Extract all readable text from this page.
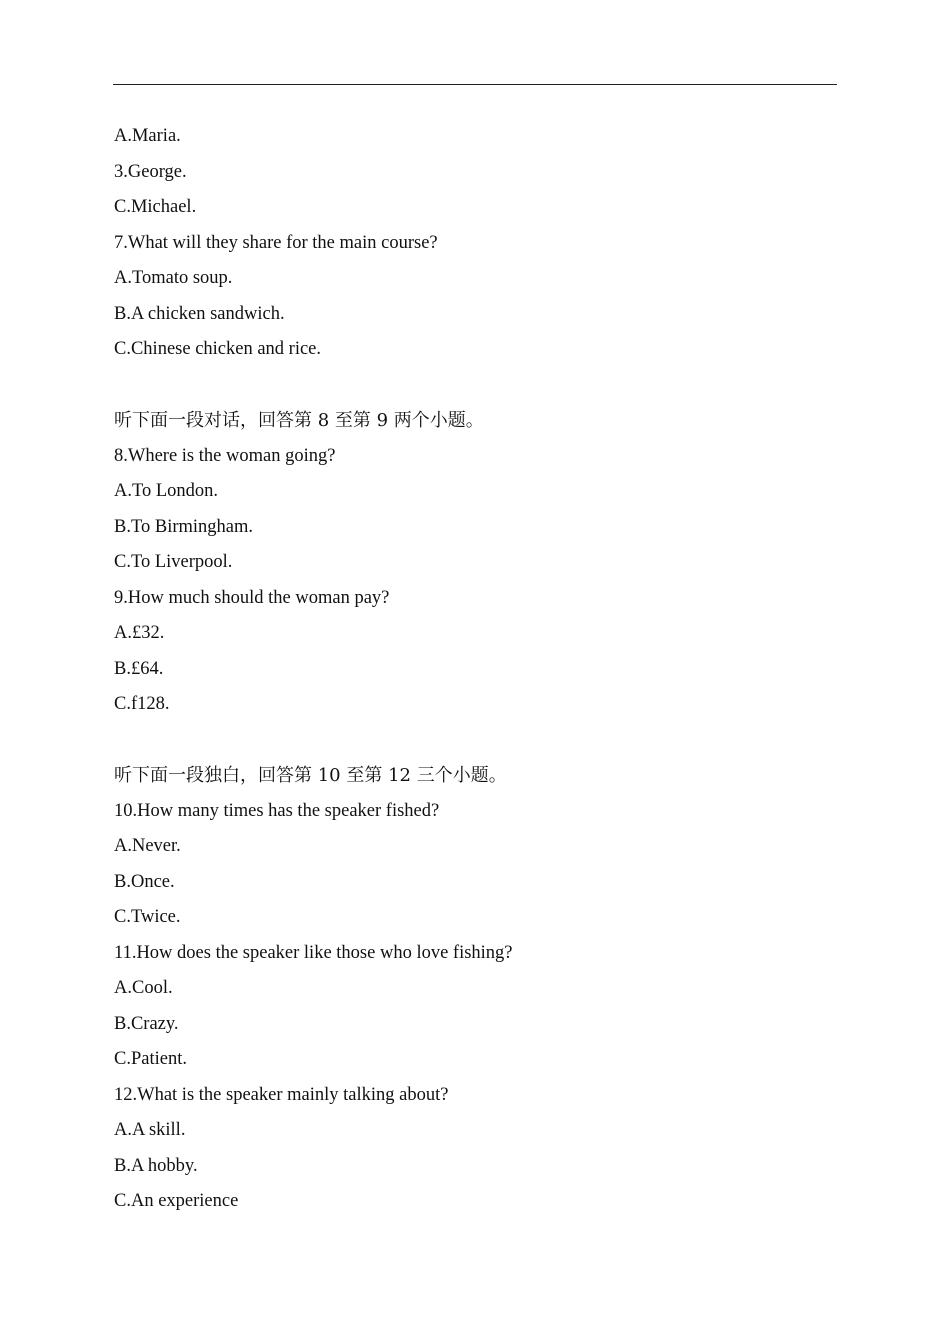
A.Maria.
3.George.
C.Michael.
7.What will they share for the main course?
A.Tomato soup.
B.A chicken sandwich.
C.Chinese chicken and rice.
听下面一段对话，回答第 8 至第 9 两个小题。
8.Where is the woman going?
A.To London.
B.To Birmingham.
C.To Liverpool.
9.How much should the woman pay?
A.£32.
B.£64.
C.f128.
听下面一段独白，回答第 10 至第 12 三个小题。
10.How many times has the speaker fished?
A.Never.
B.Once.
C.Twice.
11.How does the speaker like those who love fishing?
A.Cool.
B.Crazy.
C.Patient.
12.What is the speaker mainly talking about?
A.A skill.
B.A hobby.
C.An experience
